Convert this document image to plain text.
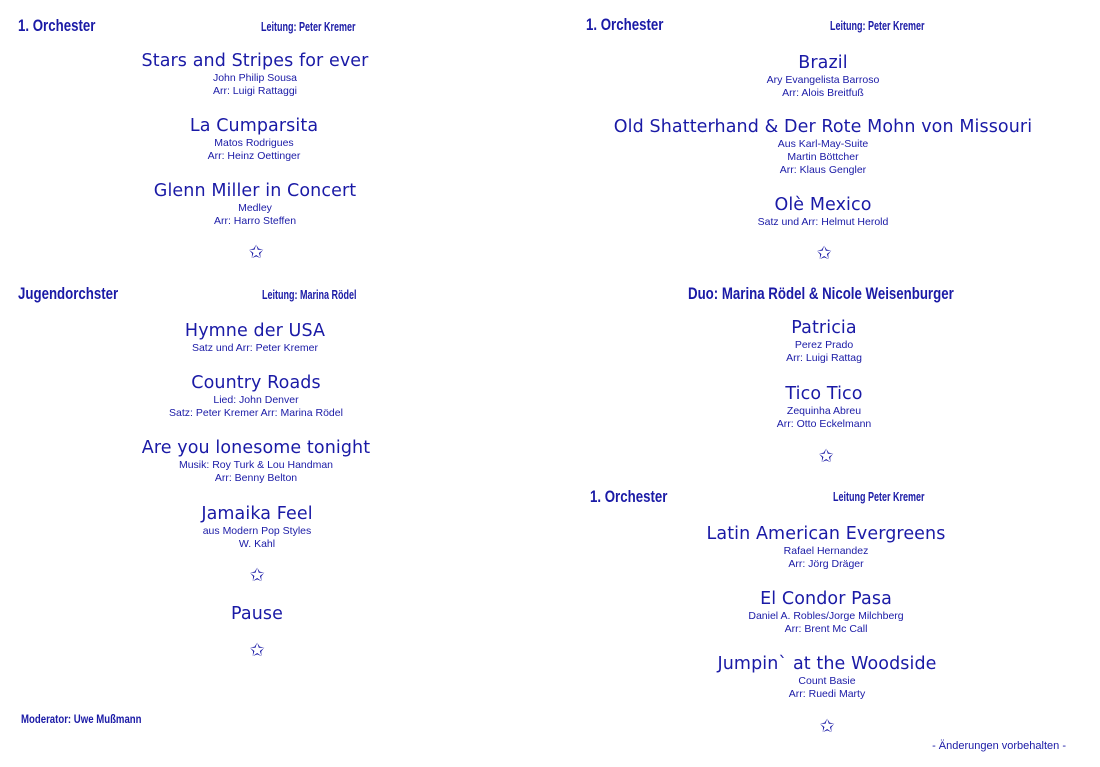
1. Orchester	Leitung: Peter Kremer
Stars and Stripes for ever
John Philip Sousa
Arr: Luigi Rattaggi
La Cumparsita
Matos Rodrigues
Arr: Heinz Oettinger
Glenn Miller in Concert
Medley
Arr: Harro Steffen
✩
Jugendorchster	Leitung: Marina Rödel
Hymne der USA
Satz und Arr: Peter Kremer
Country Roads
Lied: John Denver
Satz: Peter Kremer Arr: Marina Rödel
Are you lonesome tonight
Musik: Roy Turk & Lou Handman
Arr: Benny Belton
Jamaika Feel
aus Modern Pop Styles
W. Kahl
✩
Pause
✩
Moderator: Uwe Mußmann
1. Orchester	Leitung: Peter Kremer
Brazil
Ary Evangelista Barroso
Arr: Alois Breitfuß
Old Shatterhand & Der Rote Mohn von Missouri
Aus Karl-May-Suite
Martin Böttcher
Arr: Klaus Gengler
Olè Mexico
Satz und Arr: Helmut Herold
✩
Duo: Marina Rödel & Nicole Weisenburger
Patricia
Perez Prado
Arr: Luigi Rattag
Tico Tico
Zequinha Abreu
Arr: Otto Eckelmann
✩
1. Orchester	Leitung Peter Kremer
Latin American Evergreens
Rafael Hernandez
Arr: Jörg Dräger
El Condor Pasa
Daniel A. Robles/Jorge Milchberg
Arr: Brent Mc Call
Jumpin` at the Woodside
Count Basie
Arr: Ruedi Marty
✩
- Änderungen vorbehalten -
